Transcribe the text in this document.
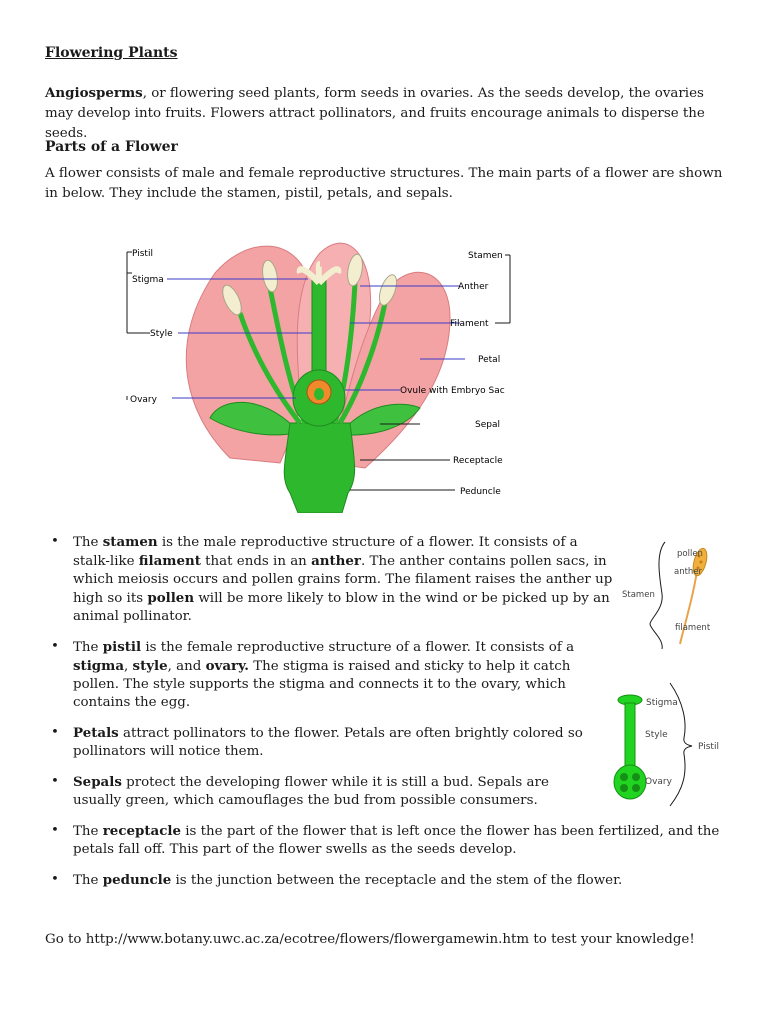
Flowering Plants

Angiosperms, or flowering seed plants, form seeds in ovaries. As the seeds develop, the ovaries may develop into fruits. Flowers attract pollinators, and fruits encourage animals to disperse the seeds.

Parts of a Flower

A flower consists of male and female reproductive structures. The main parts of a flower are shown in below. They include the stamen, pistil, petals, and sepals.

Pistil
Stigma
Style
Ovary
Stamen
Anther
Filament
Petal
Ovule with Embryo Sac
Sepal
Receptacle
Peduncle
• The stamen is the male reproductive structure of a flower. It consists of a stalk-like filament that ends in an anther. The anther contains pollen sacs, in which meiosis occurs and pollen grains form. The filament raises the anther up high so its pollen will be more likely to blow in the wind or be picked up by an animal pollinator.
• The pistil is the female reproductive structure of a flower. It consists of a stigma, style, and ovary. The stigma is raised and sticky to help it catch pollen. The style supports the stigma and connects it to the ovary, which contains the egg.
• Petals attract pollinators to the flower. Petals are often brightly colored so pollinators will notice them.
• Sepals protect the developing flower while it is still a bud. Sepals are usually green, which camouflages the bud from possible consumers.
• The receptacle is the part of the flower that is left once the flower has been fertilized, and the petals fall off. This part of the flower swells as the seeds develop.
• The peduncle is the junction between the receptacle and the stem of the flower.
Stamen
pollen
anther
filament
Stigma
Style
Ovary
Pistil

Go to http://www.botany.uwc.ac.za/ecotree/flowers/flowergamewin.htm to test your knowledge!
